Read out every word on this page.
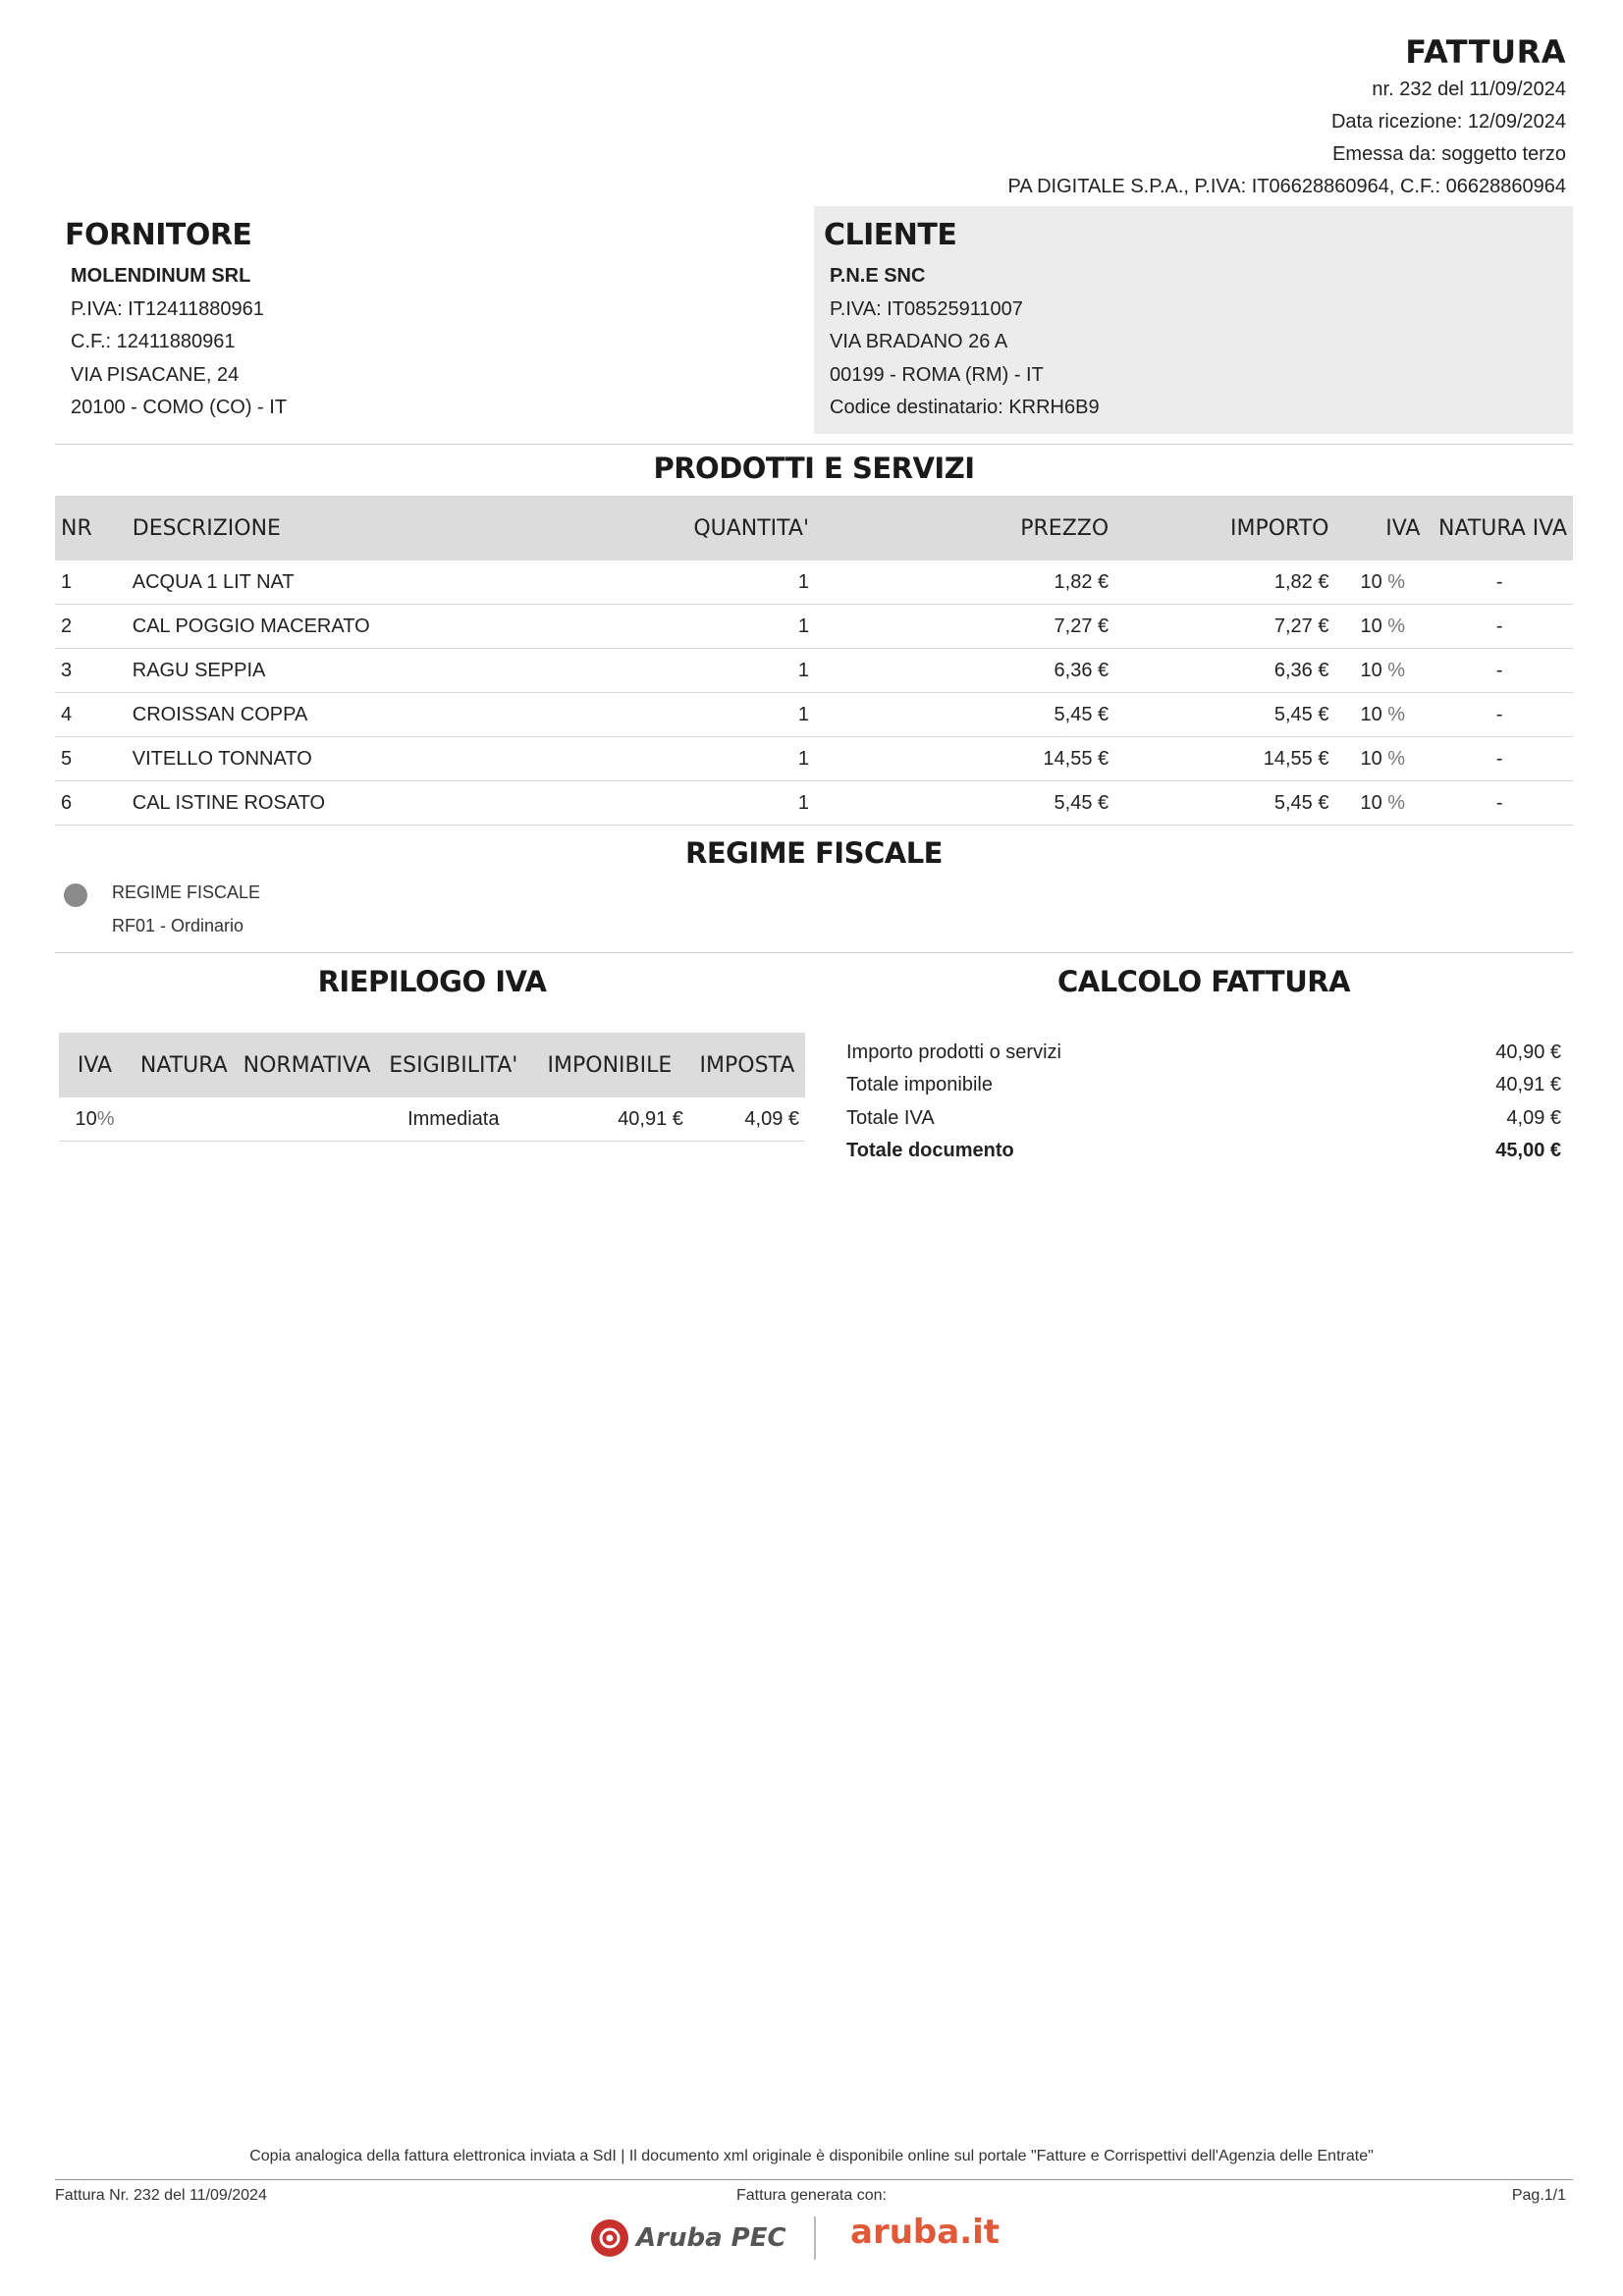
FATTURA
nr. 232 del 11/09/2024
Data ricezione: 12/09/2024
Emessa da: soggetto terzo
PA DIGITALE S.P.A., P.IVA: IT06628860964, C.F.: 06628860964
FORNITORE
MOLENDINUM SRL
P.IVA: IT12411880961
C.F.: 12411880961
VIA PISACANE, 24
20100 - COMO (CO) - IT
CLIENTE
P.N.E SNC
P.IVA: IT08525911007
VIA BRADANO 26 A
00199 - ROMA (RM) - IT
Codice destinatario: KRRH6B9
PRODOTTI E SERVIZI
NR	DESCRIZIONE	QUANTITA'	PREZZO	IMPORTO	IVA	NATURA IVA
1	ACQUA 1 LIT NAT	1	1,82 €	1,82 €	10 %	-
2	CAL POGGIO MACERATO	1	7,27 €	7,27 €	10 %	-
3	RAGU SEPPIA	1	6,36 €	6,36 €	10 %	-
4	CROISSAN COPPA	1	5,45 €	5,45 €	10 %	-
5	VITELLO TONNATO	1	14,55 €	14,55 €	10 %	-
6	CAL ISTINE ROSATO	1	5,45 €	5,45 €	10 %	-
REGIME FISCALE
REGIME FISCALE
RF01 - Ordinario
RIEPILOGO IVA
IVA	NATURA	NORMATIVA	ESIGIBILITA'	IMPONIBILE	IMPOSTA
10%			Immediata	40,91 €	4,09 €
CALCOLO FATTURA
Importo prodotti o servizi	40,90 €
Totale imponibile	40,91 €
Totale IVA	4,09 €
Totale documento	45,00 €
Copia analogica della fattura elettronica inviata a SdI | Il documento xml originale è disponibile online sul portale "Fatture e Corrispettivi dell'Agenzia delle Entrate"
Fattura Nr. 232 del 11/09/2024	Fattura generata con:	Pag.1/1
Aruba PEC aruba.it
